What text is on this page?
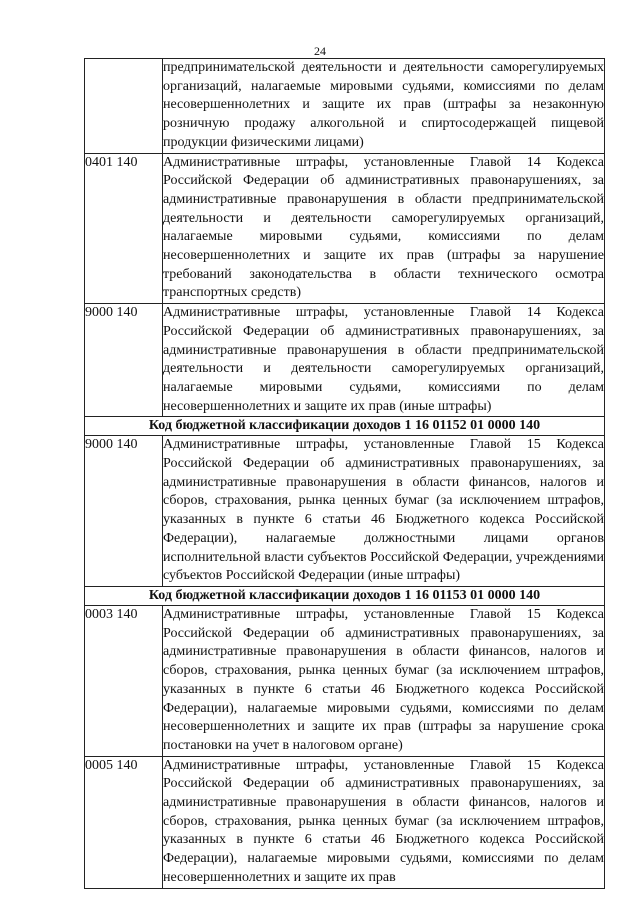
24
	предпринимательской деятельности и деятельности саморегулируемых организаций, налагаемые мировыми судьями, комиссиями по делам несовершеннолетних и защите их прав (штрафы за незаконную розничную продажу алкогольной и спиртосодержащей пищевой продукции физическими лицами)
0401 140	Административные штрафы, установленные Главой 14 Кодекса Российской Федерации об административных правонарушениях, за административные правонарушения в области предпринимательской деятельности и деятельности саморегулируемых организаций, налагаемые мировыми судьями, комиссиями по делам несовершеннолетних и защите их прав (штрафы за нарушение требований законодательства в области технического осмотра транспортных средств)
9000 140	Административные штрафы, установленные Главой 14 Кодекса Российской Федерации об административных правонарушениях, за административные правонарушения в области предпринимательской деятельности и деятельности саморегулируемых организаций, налагаемые мировыми судьями, комиссиями по делам несовершеннолетних и защите их прав (иные штрафы)
Код бюджетной классификации доходов 1 16 01152 01 0000 140	
9000 140	Административные штрафы, установленные Главой 15 Кодекса Российской Федерации об административных правонарушениях, за административные правонарушения в области финансов, налогов и сборов, страхования, рынка ценных бумаг (за исключением штрафов, указанных в пункте 6 статьи 46 Бюджетного кодекса Российской Федерации), налагаемые должностными лицами органов исполнительной власти субъектов Российской Федерации, учреждениями субъектов Российской Федерации (иные штрафы)
Код бюджетной классификации доходов 1 16 01153 01 0000 140	
0003 140	Административные штрафы, установленные Главой 15 Кодекса Российской Федерации об административных правонарушениях, за административные правонарушения в области финансов, налогов и сборов, страхования, рынка ценных бумаг (за исключением штрафов, указанных в пункте 6 статьи 46 Бюджетного кодекса Российской Федерации), налагаемые мировыми судьями, комиссиями по делам несовершеннолетних и защите их прав (штрафы за нарушение срока постановки на учет в налоговом органе)
0005 140	Административные штрафы, установленные Главой 15 Кодекса Российской Федерации об административных правонарушениях, за административные правонарушения в области финансов, налогов и сборов, страхования, рынка ценных бумаг (за исключением штрафов, указанных в пункте 6 статьи 46 Бюджетного кодекса Российской Федерации), налагаемые мировыми судьями, комиссиями по делам несовершеннолетних и защите их прав
